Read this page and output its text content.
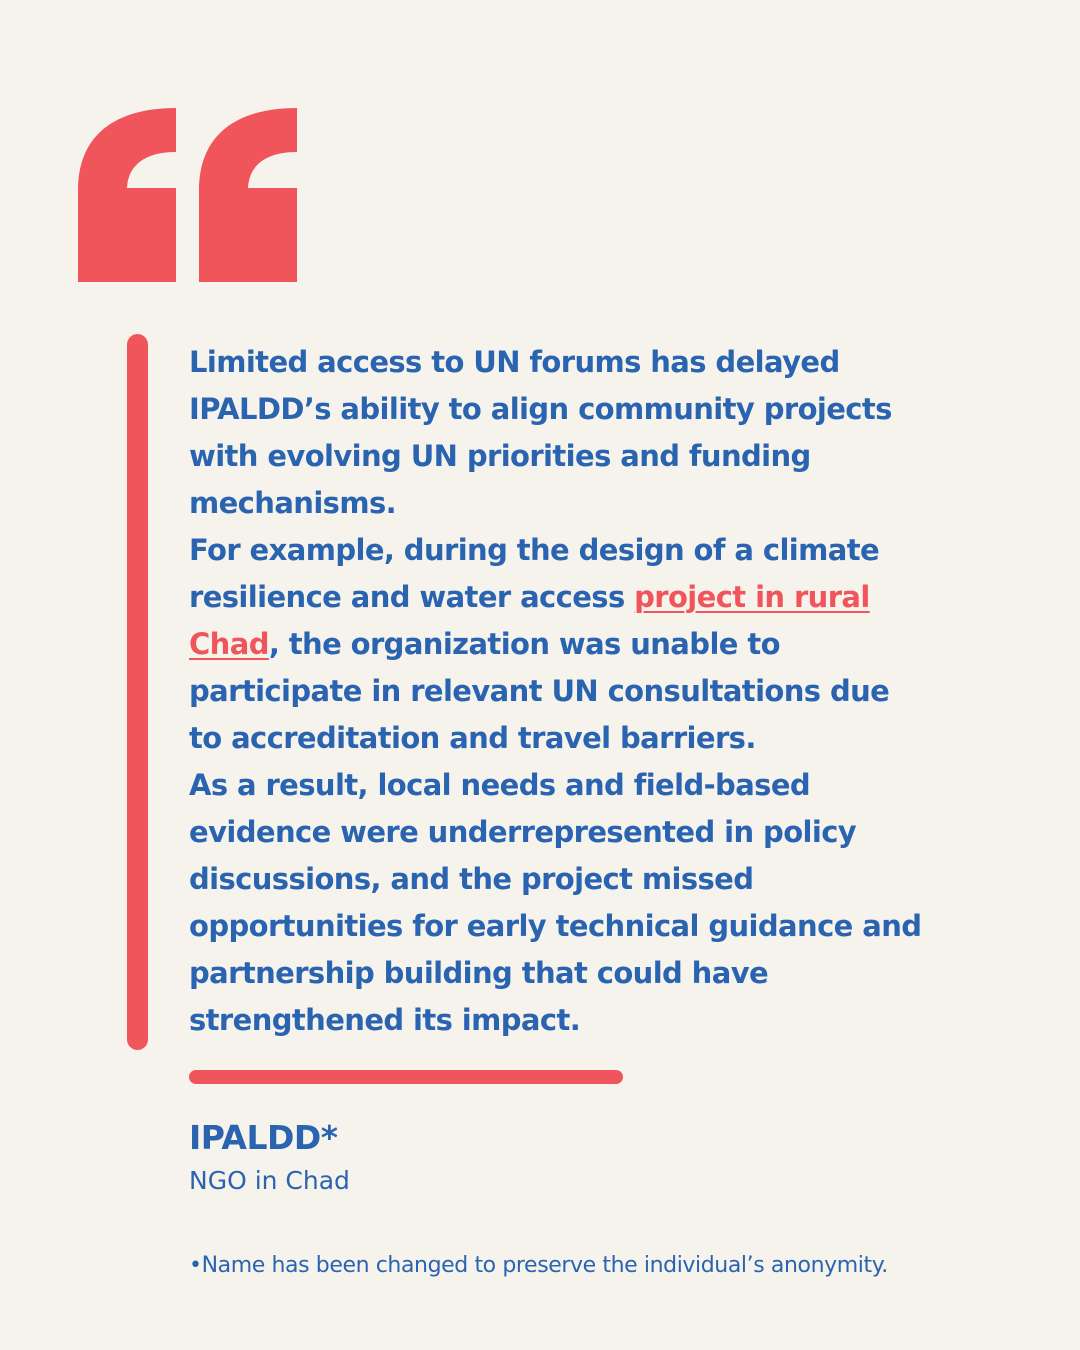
Limited access to UN forums has delayed IPALDD’s ability to align community projects with evolving UN priorities and funding mechanisms.

For example, during the design of a climate resilience and water access project in rural Chad, the organization was unable to participate in relevant UN consultations due to accreditation and travel barriers.

As a result, local needs and field-based evidence were underrepresented in policy discussions, and the project missed opportunities for early technical guidance and partnership building that could have strengthened its impact.

IPALDD*
NGO in Chad
•Name has been changed to preserve the individual’s anonymity.
